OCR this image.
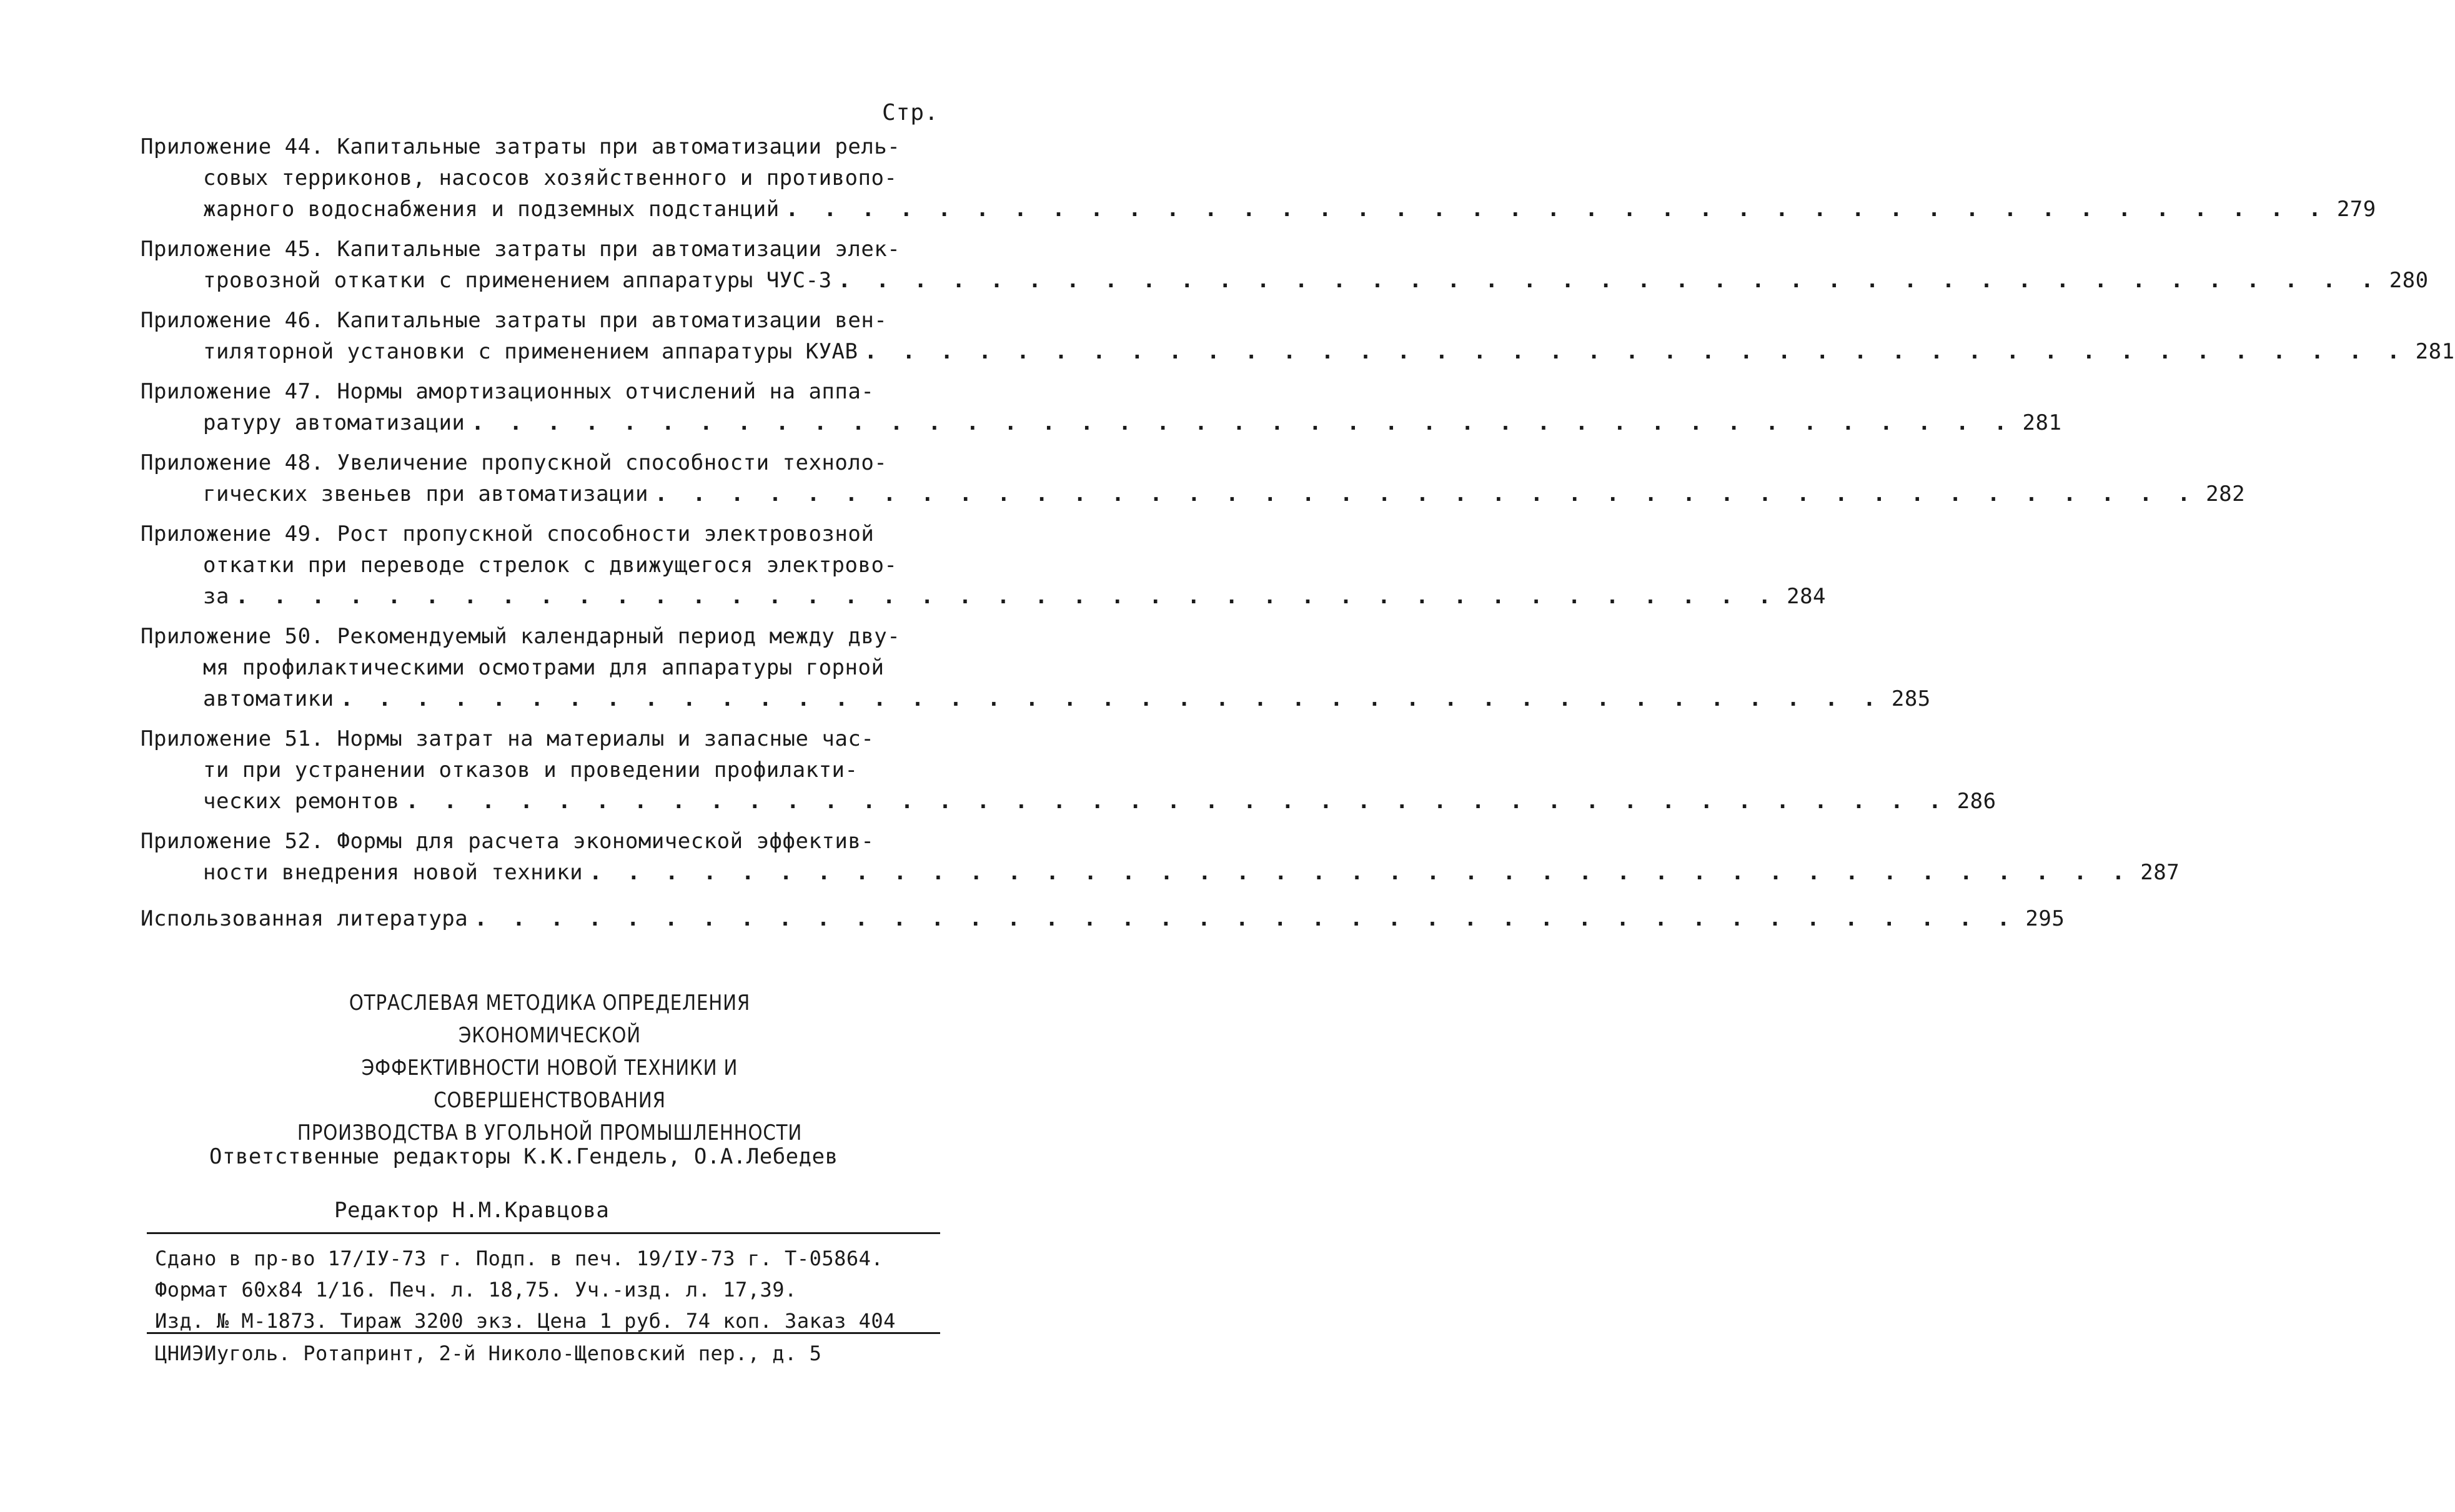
Стр.
Приложение 44. Капитальные затраты при автоматизации рель-
совых терриконов, насосов хозяйственного и противопо-
жарного водоснабжения и подземных подстанций . . . . . . . . . . . . . . . . . . . . . . . . . . . . . . . . . . . . . . . . . 279
Приложение 45. Капитальные затраты при автоматизации элек-
тровозной откатки с применением аппаратуры ЧУС-3 . . . . . . . . . . . . . . . . . . . . . . . . . . . . . . . . . . . . . . . . . 280
Приложение 46. Капитальные затраты при автоматизации вен-
тиляторной установки с применением аппаратуры КУАВ . . . . . . . . . . . . . . . . . . . . . . . . . . . . . . . . . . . . . . . . . 281
Приложение 47. Нормы амортизационных отчислений на аппа-
ратуру автоматизации . . . . . . . . . . . . . . . . . . . . . . . . . . . . . . . . . . . . . . . . . 281
Приложение 48. Увеличение пропускной способности техноло-
гических звеньев при автоматизации . . . . . . . . . . . . . . . . . . . . . . . . . . . . . . . . . . . . . . . . . 282
Приложение 49. Рост пропускной способности электровозной
откатки при переводе стрелок с движущегося электрово-
за . . . . . . . . . . . . . . . . . . . . . . . . . . . . . . . . . . . . . . . . . 284
Приложение 50. Рекомендуемый календарный период между дву-
мя профилактическими осмотрами для аппаратуры горной
автоматики . . . . . . . . . . . . . . . . . . . . . . . . . . . . . . . . . . . . . . . . . 285
Приложение 51. Нормы затрат на материалы и запасные час-
ти при устранении отказов и проведении профилакти-
ческих ремонтов . . . . . . . . . . . . . . . . . . . . . . . . . . . . . . . . . . . . . . . . . 286
Приложение 52. Формы для расчета экономической эффектив-
ности внедрения новой техники . . . . . . . . . . . . . . . . . . . . . . . . . . . . . . . . . . . . . . . . . 287
Использованная литература . . . . . . . . . . . . . . . . . . . . . . . . . . . . . . . . . . . . . . . . . 295
ОТРАСЛЕВАЯ МЕТОДИКА ОПРЕДЕЛЕНИЯ ЭКОНОМИЧЕСКОЙ
ЭФФЕКТИВНОСТИ НОВОЙ ТЕХНИКИ И СОВЕРШЕНСТВОВАНИЯ
ПРОИЗВОДСТВА В УГОЛЬНОЙ ПРОМЫШЛЕННОСТИ
Ответственные редакторы К.К.Гендель, О.А.Лебедев
Редактор Н.М.Кравцова
Сдано в пр-во 17/IУ-73 г. Подп. в печ. 19/IУ-73 г. Т-05864.
Формат 60x84 1/16. Печ. л. 18,75. Уч.-изд. л. 17,39.
Изд. № М-1873. Тираж 3200 экз. Цена 1 руб. 74 коп. Заказ 404
ЦНИЭИуголь. Ротапринт, 2-й Николо-Щеповский пер., д. 5
